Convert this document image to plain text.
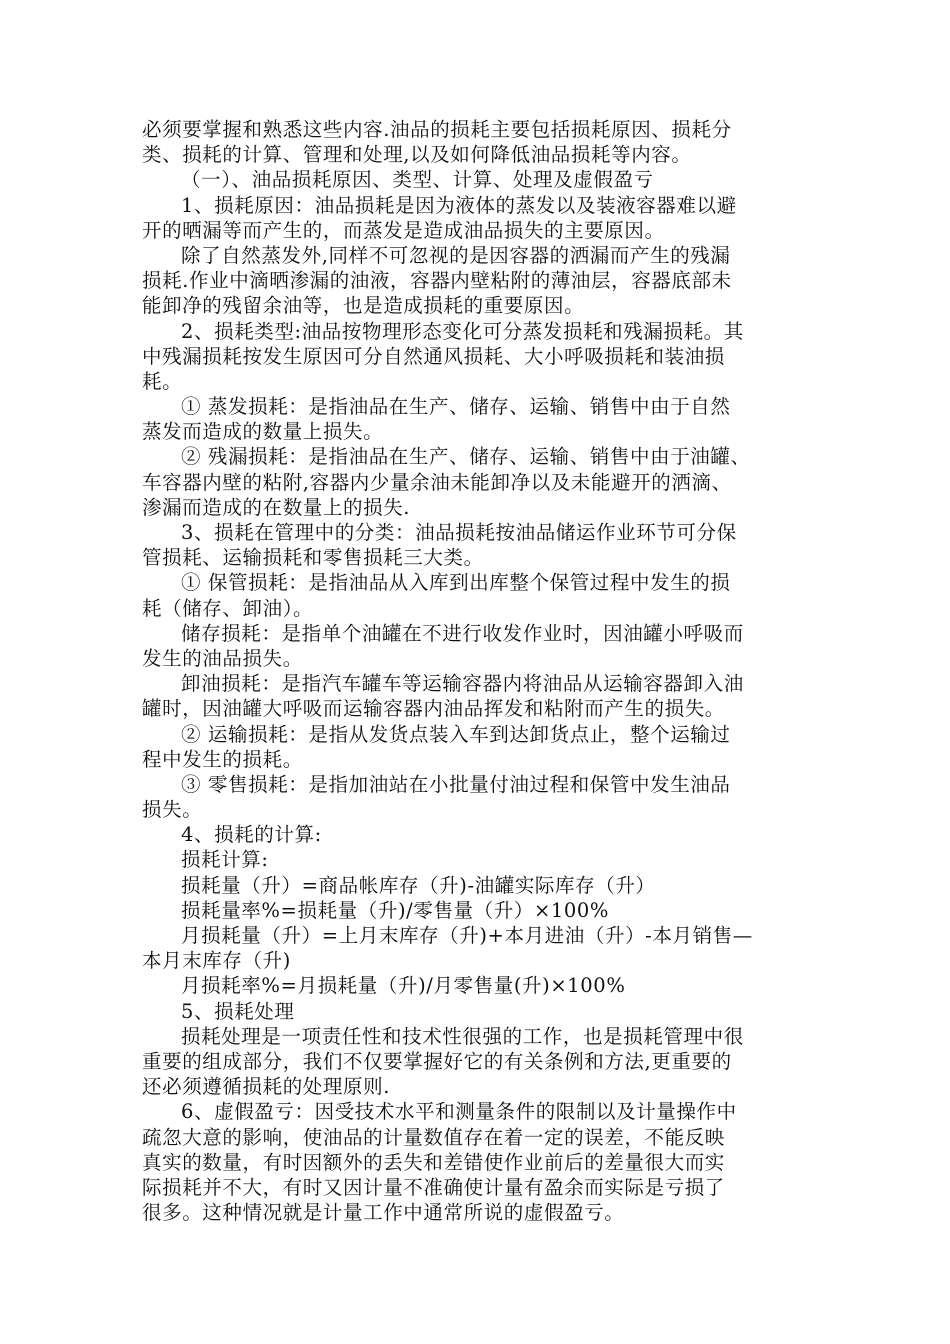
必须要掌握和熟悉这些内容.油品的损耗主要包括损耗原因、损耗分
类、损耗的计算、管理和处理,以及如何降低油品损耗等内容。
（一）、油品损耗原因、类型、计算、处理及虚假盈亏
1、损耗原因：油品损耗是因为液体的蒸发以及装液容器难以避
开的晒漏等而产生的，而蒸发是造成油品损失的主要原因。
除了自然蒸发外,同样不可忽视的是因容器的洒漏而产生的残漏
损耗.作业中滴晒渗漏的油液，容器内壁粘附的薄油层，容器底部未
能卸净的残留余油等，也是造成损耗的重要原因。
2、损耗类型:油品按物理形态变化可分蒸发损耗和残漏损耗。其
中残漏损耗按发生原因可分自然通风损耗、大小呼吸损耗和装油损
耗。
① 蒸发损耗：是指油品在生产、储存、运输、销售中由于自然
蒸发而造成的数量上损失。
② 残漏损耗：是指油品在生产、储存、运输、销售中由于油罐、
车容器内壁的粘附,容器内少量余油未能卸净以及未能避开的洒滴、
渗漏而造成的在数量上的损失.
3、损耗在管理中的分类：油品损耗按油品储运作业环节可分保
管损耗、运输损耗和零售损耗三大类。
① 保管损耗：是指油品从入库到出库整个保管过程中发生的损
耗（储存、卸油）。
储存损耗：是指单个油罐在不进行收发作业时，因油罐小呼吸而
发生的油品损失。
卸油损耗：是指汽车罐车等运输容器内将油品从运输容器卸入油
罐时，因油罐大呼吸而运输容器内油品挥发和粘附而产生的损失。
② 运输损耗：是指从发货点装入车到达卸货点止，整个运输过
程中发生的损耗。
③ 零售损耗：是指加油站在小批量付油过程和保管中发生油品
损失。
4、损耗的计算:
损耗计算:
损耗量（升）=商品帐库存（升)-油罐实际库存（升）
损耗量率%=损耗量（升)/零售量（升）×100%
月损耗量（升）=上月末库存（升)+本月进油（升）-本月销售—
本月末库存（升)
月损耗率%=月损耗量（升)/月零售量(升)×100%
5、损耗处理
损耗处理是一项责任性和技术性很强的工作，也是损耗管理中很
重要的组成部分，我们不仅要掌握好它的有关条例和方法,更重要的
还必须遵循损耗的处理原则.
6、虚假盈亏：因受技术水平和测量条件的限制以及计量操作中
疏忽大意的影响，使油品的计量数值存在着一定的误差，不能反映
真实的数量，有时因额外的丢失和差错使作业前后的差量很大而实
际损耗并不大，有时又因计量不准确使计量有盈余而实际是亏损了
很多。这种情况就是计量工作中通常所说的虚假盈亏。
